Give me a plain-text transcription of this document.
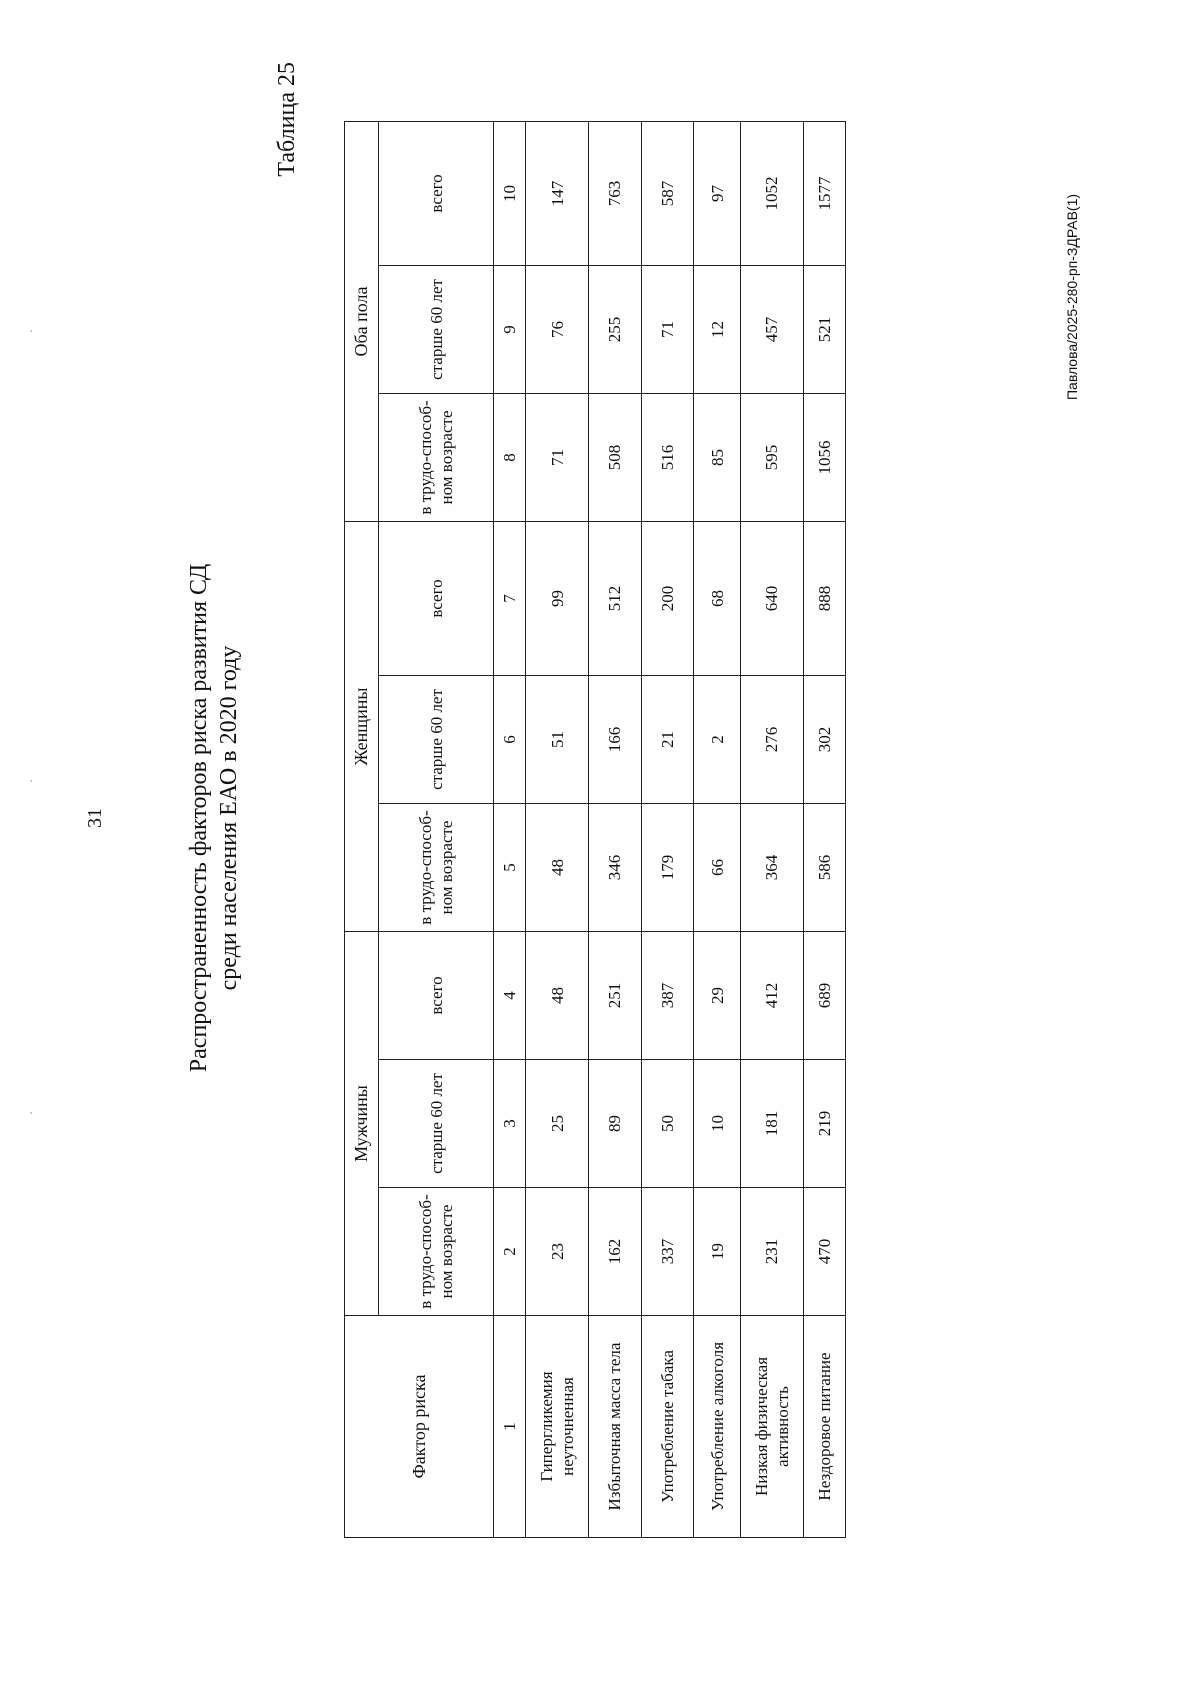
31	Распространенность факторов риска развития СД среди населения ЕАО в 2020 году
Таблица 25
Павлова/2025-280-рп-ЗДРАВ(1)
Фактор риска	Мужчины			Женщины			Оба пола		
	в трудо-способ-ном возрасте	старше 60 лет	всего	в трудо-способ-ном возрасте	старше 60 лет	всего	в трудо-способ-ном возрасте	старше 60 лет	всего
1	2	3	4	5	6	7	8	9	10
Гипергликемия неуточненная	23	25	48	48	51	99	71	76	147
Избыточная масса тела	162	89	251	346	166	512	508	255	763
Употребление табака	337	50	387	179	21	200	516	71	587
Употребление алкоголя	19	10	29	66	2	68	85	12	97
Низкая физическая активность	231	181	412	364	276	640	595	457	1052
Нездоровое питание	470	219	689	586	302	888	1056	521	1577
